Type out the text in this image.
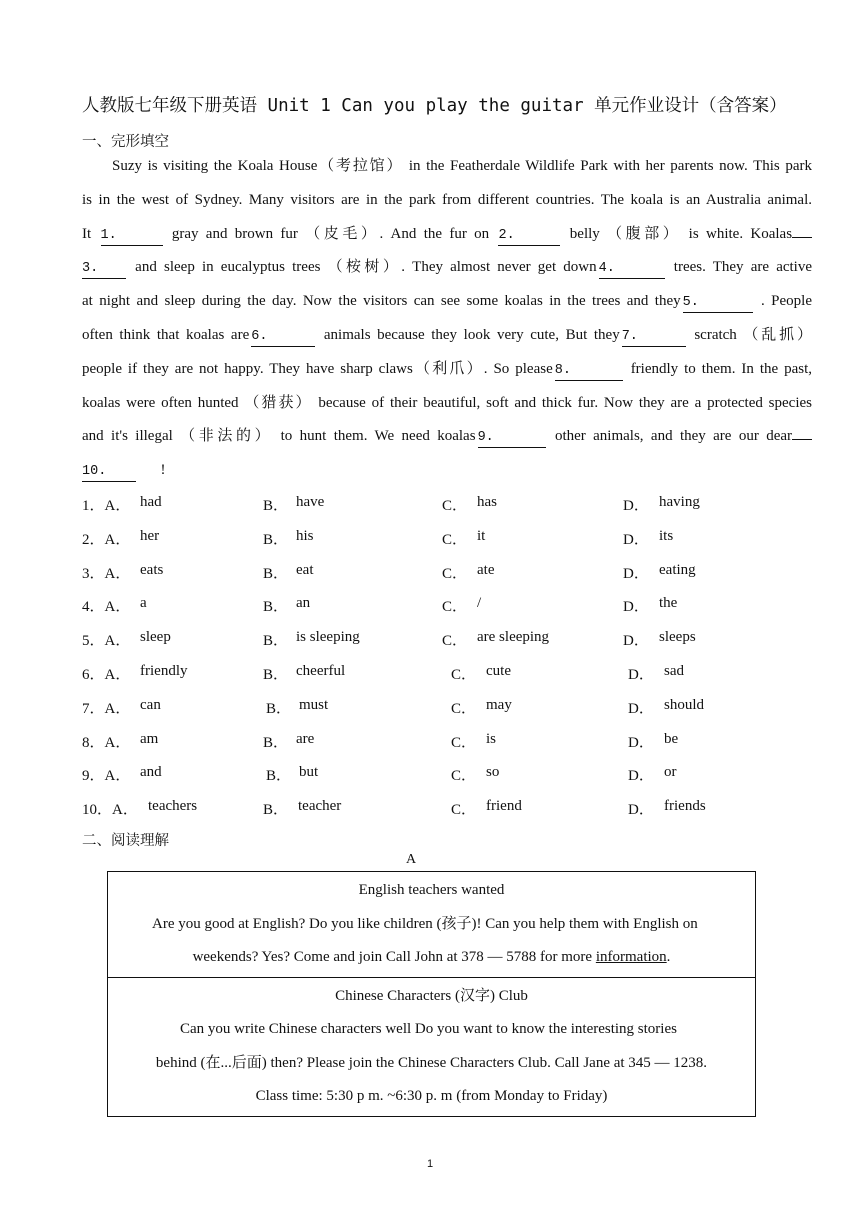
人教版七年级下册英语 Unit 1 Can you play the guitar 单元作业设计（含答案）
一、完形填空

Suzy is visiting the Koala House（考拉馆） in the Featherdale Wildlife Park with her parents now. This park

is in the west of Sydney. Many visitors are in the park from different countries. The koala is an Australia animal.

It 1.	gray and brown fur （皮毛）. And the fur on 2.	belly （腹部） is white. Koalas

3. and sleep in eucalyptus trees （桉树）. They almost never get down 4.	trees. They are active

at night and sleep during the day. Now the visitors can see some koalas in the trees and they 5.	. People

often think that koalas are 6.	animals because they look very cute, But they 7.	scratch （乱抓）

people if they are not happy. They have sharp claws（利爪）. So please 8.	friendly to them. In the past,

koalas were often hunted （猎获） because of their beautiful, soft and thick fur. Now they are a protected species

and it's illegal （非法的） to hunt them. We need koalas 9.	other animals, and they are our dear

10.	!

1．A． had	B． have	C． has	D． having
2．A． her	B． his	C． it	D． its
3．A． eats	B． eat	C． ate	D． eating
4．A． a	B． an	C． /	D． the
5．A． sleep	B． is sleeping	C． are sleeping	D． sleeps
6．A． friendly	B． cheerful	C． cute	D． sad
7．A． can	B． must	C． may	D． should
8．A． am	B． are	C． is	D． be
9．A． and	B． but	C． so	D． or
10．A． teachers	B． teacher	C． friend	D． friends
二、阅读理解
A
English teachers wanted
Are you good at English? Do you like children (孩子)! Can you help them with English on
weekends? Yes? Come and join Call John at 378 — 5788 for more information.

Chinese Characters (汉字) Club
Can you write Chinese characters well Do you want to know the interesting stories
behind (在...后面) then? Please join the Chinese Characters Club. Call Jane at 345 — 1238.
Class time: 5:30 p m. ~6:30 p. m (from Monday to Friday)
1
